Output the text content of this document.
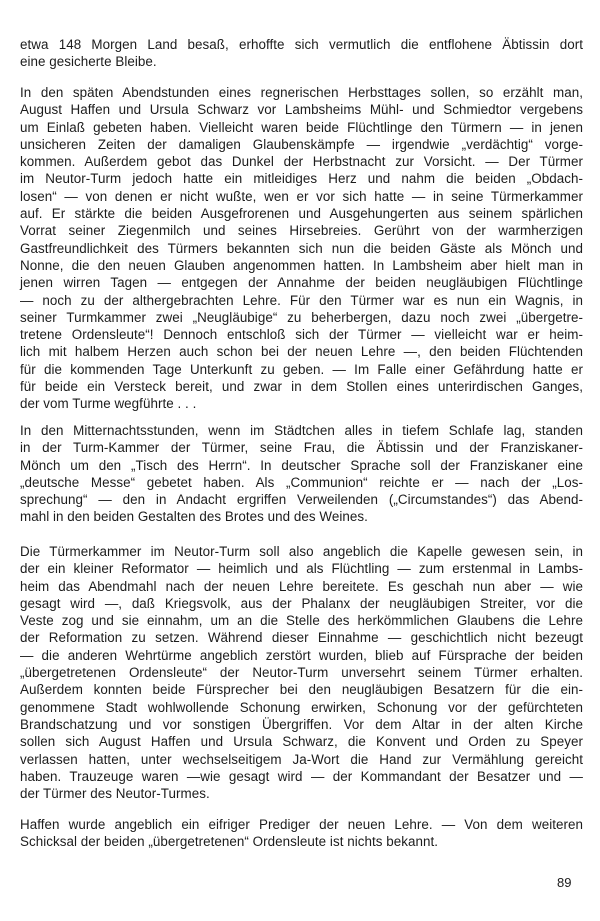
etwa 148 Morgen Land besaß, erhoffte sich vermutlich die entflohene Äbtissin dort
eine gesicherte Bleibe.
In den späten Abendstunden eines regnerischen Herbsttages sollen, so erzählt man,
August Haffen und Ursula Schwarz vor Lambsheims Mühl- und Schmiedtor vergebens
um Einlaß gebeten haben. Vielleicht waren beide Flüchtlinge den Türmern — in jenen
unsicheren Zeiten der damaligen Glaubenskämpfe — irgendwie „verdächtig“ vorge-
kommen. Außerdem gebot das Dunkel der Herbstnacht zur Vorsicht. — Der Türmer
im Neutor-Turm jedoch hatte ein mitleidiges Herz und nahm die beiden „Obdach-
losen“ — von denen er nicht wußte, wen er vor sich hatte — in seine Türmerkammer
auf. Er stärkte die beiden Ausgefrorenen und Ausgehungerten aus seinem spärlichen
Vorrat seiner Ziegenmilch und seines Hirsebreies. Gerührt von der warmherzigen
Gastfreundlichkeit des Türmers bekannten sich nun die beiden Gäste als Mönch und
Nonne, die den neuen Glauben angenommen hatten. In Lambsheim aber hielt man in
jenen wirren Tagen — entgegen der Annahme der beiden neugläubigen Flüchtlinge
— noch zu der althergebrachten Lehre. Für den Türmer war es nun ein Wagnis, in
seiner Turmkammer zwei „Neugläubige“ zu beherbergen, dazu noch zwei „übergetre-
tretene Ordensleute“! Dennoch entschloß sich der Türmer — vielleicht war er heim-
lich mit halbem Herzen auch schon bei der neuen Lehre —, den beiden Flüchtenden
für die kommenden Tage Unterkunft zu geben. — Im Falle einer Gefährdung hatte er
für beide ein Versteck bereit, und zwar in dem Stollen eines unterirdischen Ganges,
der vom Turme wegführte . . .
In den Mitternachtsstunden, wenn im Städtchen alles in tiefem Schlafe lag, standen
in der Turm-Kammer der Türmer, seine Frau, die Äbtissin und der Franziskaner-
Mönch um den „Tisch des Herrn“. In deutscher Sprache soll der Franziskaner eine
„deutsche Messe“ gebetet haben. Als „Communion“ reichte er — nach der „Los-
sprechung“ — den in Andacht ergriffen Verweilenden („Circumstandes“) das Abend-
mahl in den beiden Gestalten des Brotes und des Weines.
Die Türmerkammer im Neutor-Turm soll also angeblich die Kapelle gewesen sein, in
der ein kleiner Reformator — heimlich und als Flüchtling — zum erstenmal in Lambs-
heim das Abendmahl nach der neuen Lehre bereitete. Es geschah nun aber — wie
gesagt wird —, daß Kriegsvolk, aus der Phalanx der neugläubigen Streiter, vor die
Veste zog und sie einnahm, um an die Stelle des herkömmlichen Glaubens die Lehre
der Reformation zu setzen. Während dieser Einnahme — geschichtlich nicht bezeugt
— die anderen Wehrtürme angeblich zerstört wurden, blieb auf Fürsprache der beiden
„übergetretenen Ordensleute“ der Neutor-Turm unversehrt seinem Türmer erhalten.
Außerdem konnten beide Fürsprecher bei den neugläubigen Besatzern für die ein-
genommene Stadt wohlwollende Schonung erwirken, Schonung vor der gefürchteten
Brandschatzung und vor sonstigen Übergriffen. Vor dem Altar in der alten Kirche
sollen sich August Haffen und Ursula Schwarz, die Konvent und Orden zu Speyer
verlassen hatten, unter wechselseitigem Ja-Wort die Hand zur Vermählung gereicht
haben. Trauzeuge waren —wie gesagt wird — der Kommandant der Besatzer und —
der Türmer des Neutor-Turmes.
Haffen wurde angeblich ein eifriger Prediger der neuen Lehre. — Von dem weiteren
Schicksal der beiden „übergetretenen“ Ordensleute ist nichts bekannt.
89
